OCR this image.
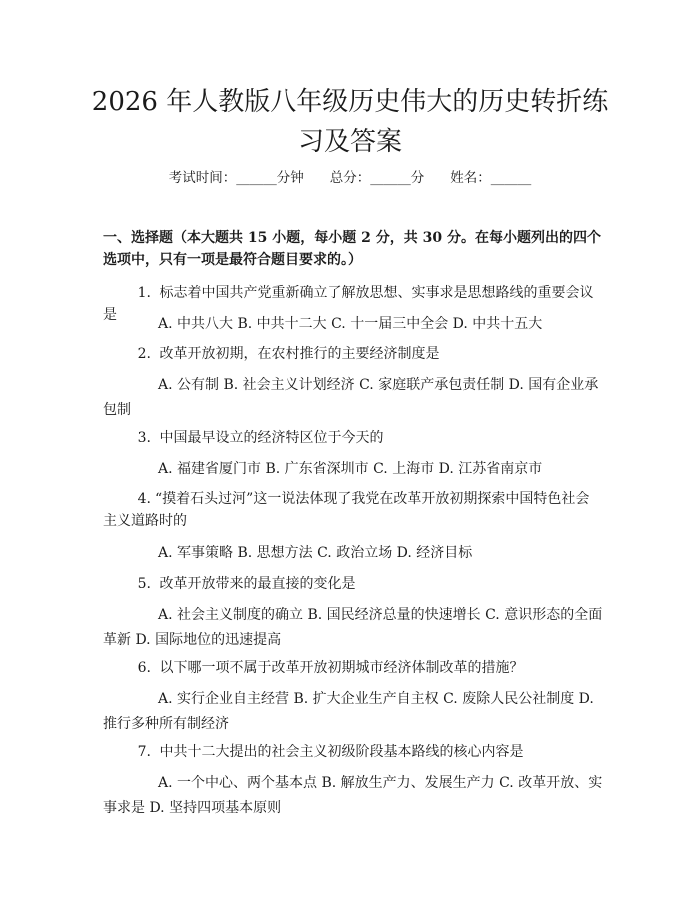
2026 年人教版八年级历史伟大的历史转折练
习及答案
考试时间：______分钟 总分：______分 姓名：______

一、选择题（本大题共 15 小题，每小题 2 分，共 30 分。在每小题列出的四个选项中，只有一项是最符合题目要求的。）

1. 标志着中国共产党重新确立了解放思想、实事求是思想路线的重要会议是
A. 中共八大 B. 中共十二大 C. 十一届三中全会 D. 中共十五大
2. 改革开放初期，在农村推行的主要经济制度是
A. 公有制 B. 社会主义计划经济 C. 家庭联产承包责任制 D. 国有企业承包制
3. 中国最早设立的经济特区位于今天的
A. 福建省厦门市 B. 广东省深圳市 C. 上海市 D. 江苏省南京市
4. “摸着石头过河”这一说法体现了我党在改革开放初期探索中国特色社会主义道路时的
A. 军事策略 B. 思想方法 C. 政治立场 D. 经济目标
5. 改革开放带来的最直接的变化是
A. 社会主义制度的确立 B. 国民经济总量的快速增长 C. 意识形态的全面革新 D. 国际地位的迅速提高
6. 以下哪一项不属于改革开放初期城市经济体制改革的措施？
A. 实行企业自主经营 B. 扩大企业生产自主权 C. 废除人民公社制度 D. 推行多种所有制经济
7. 中共十二大提出的社会主义初级阶段基本路线的核心内容是
A. 一个中心、两个基本点 B. 解放生产力、发展生产力 C. 改革开放、实事求是 D. 坚持四项基本原则
